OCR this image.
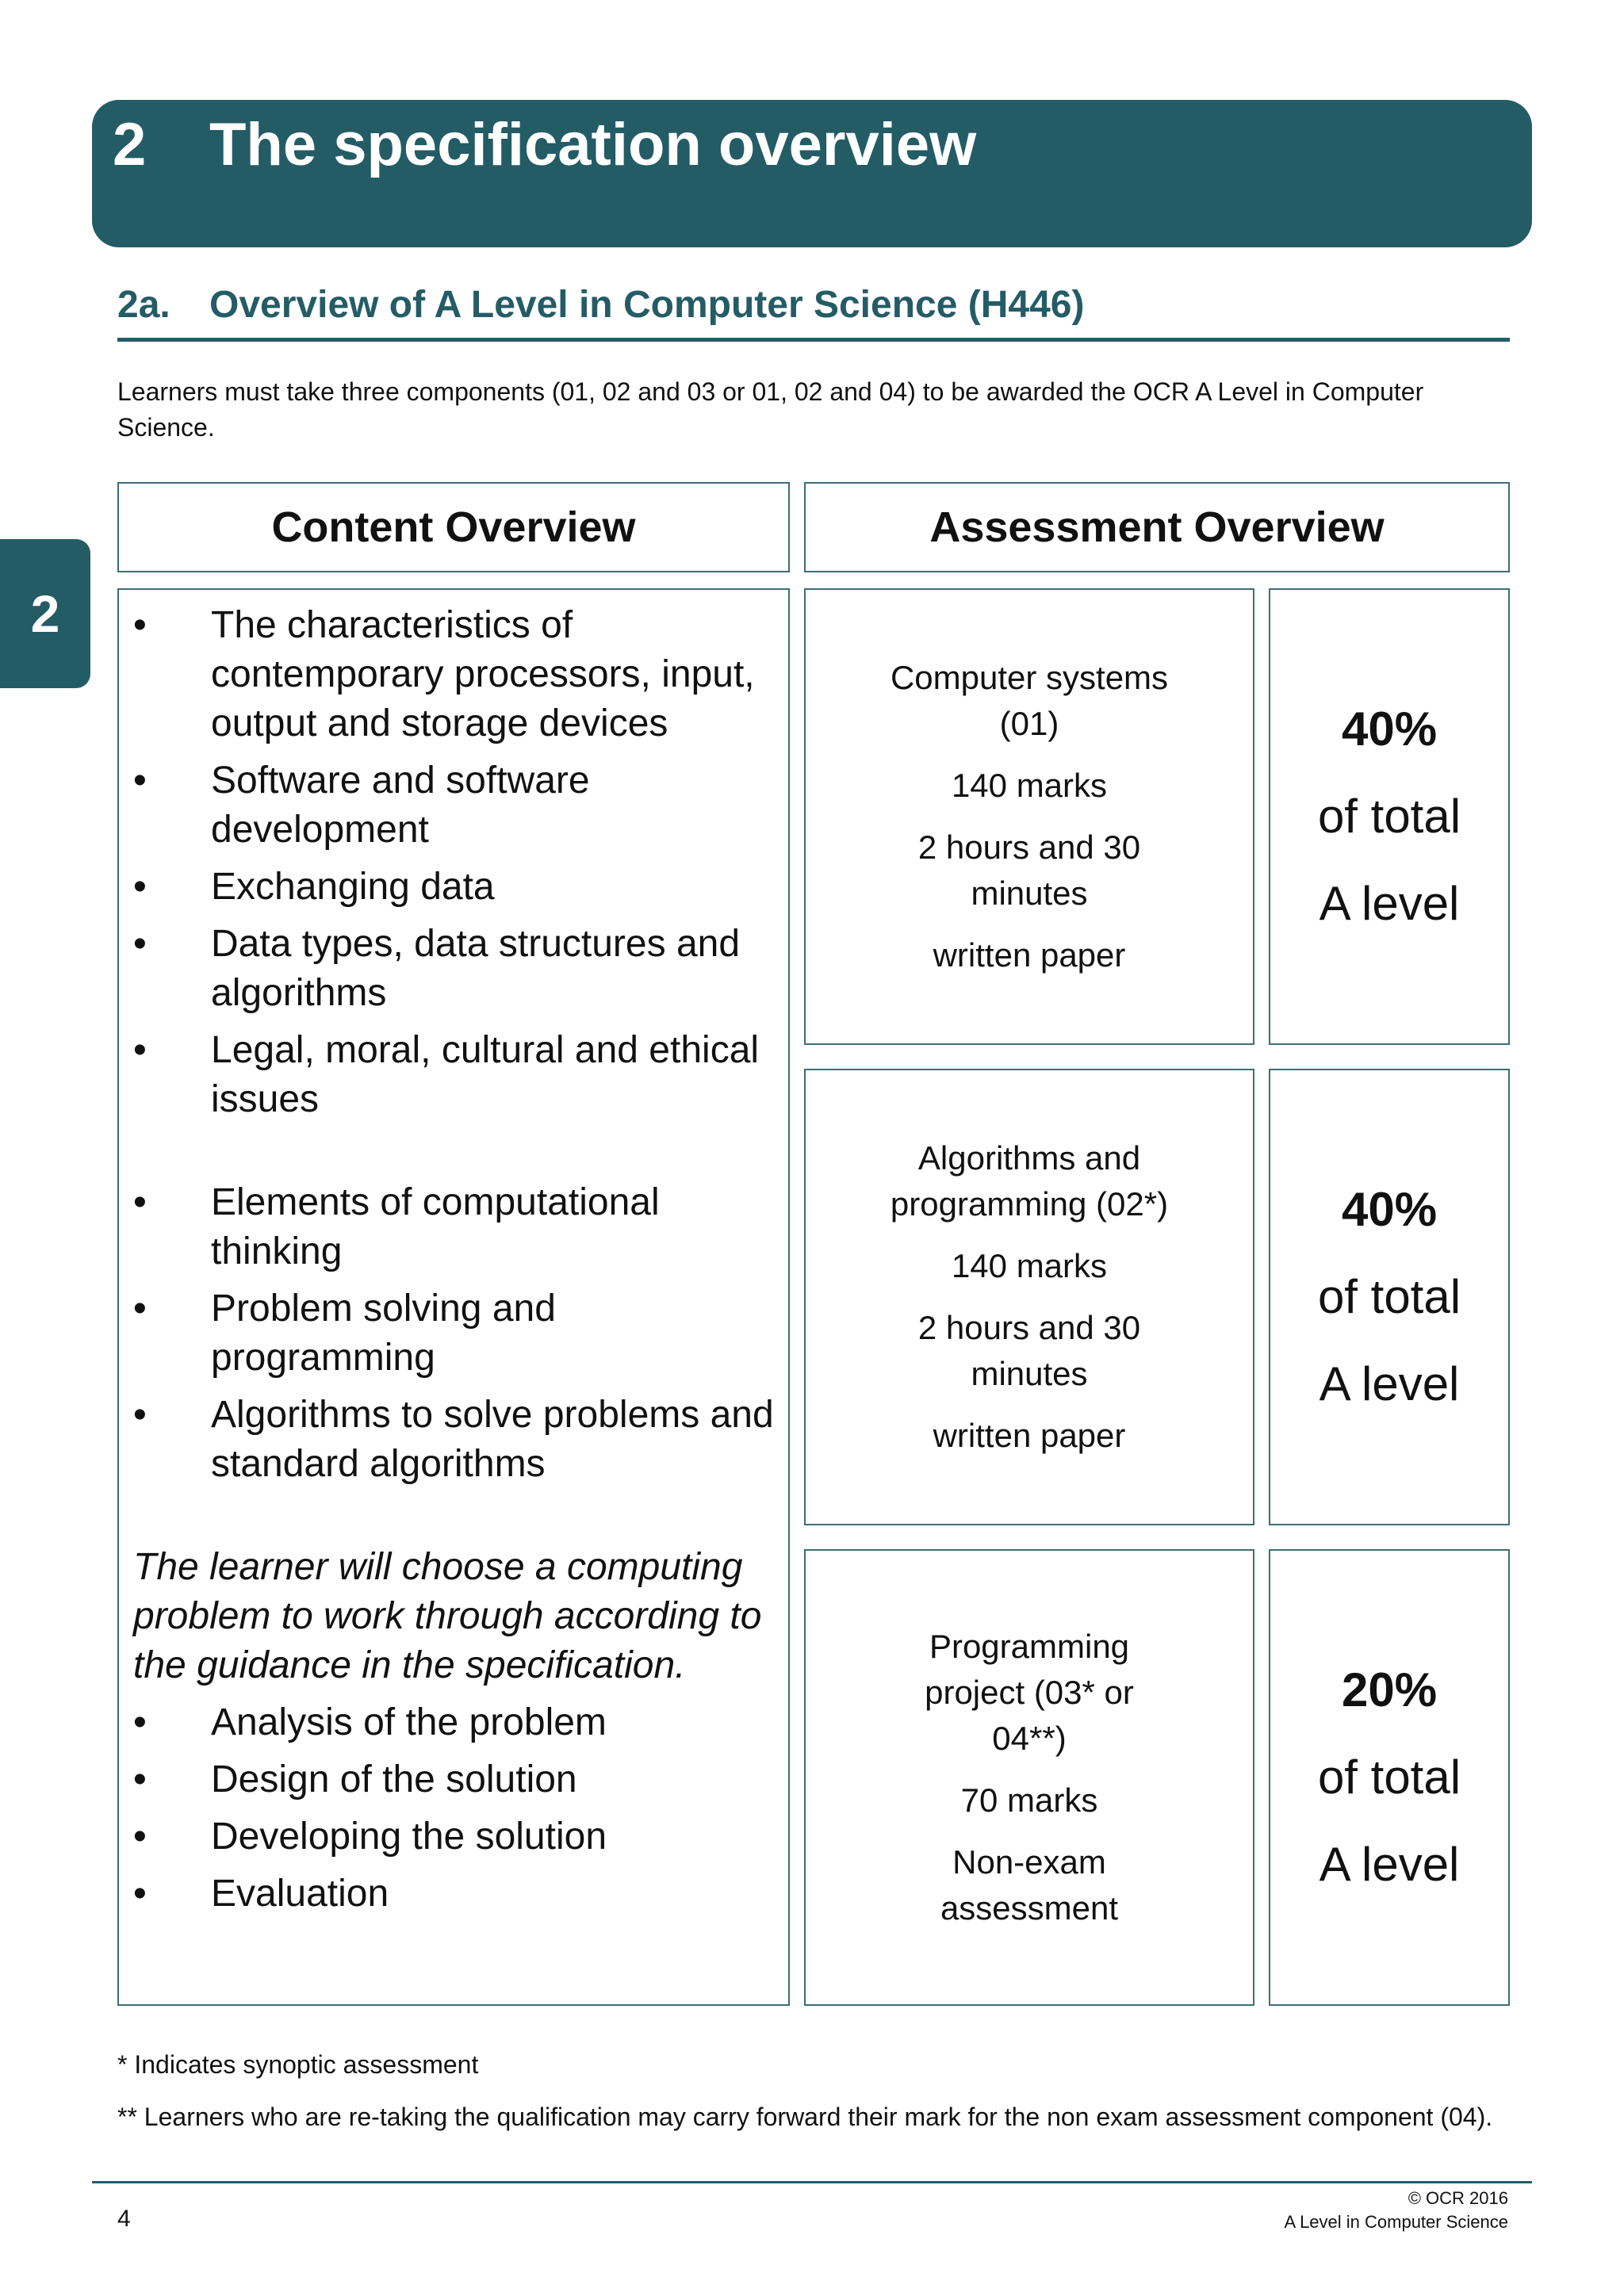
2 The specification overview
2
2a. Overview of A Level in Computer Science (H446)
Learners must take three components (01, 02 and 03 or 01, 02 and 04) to be awarded the OCR A Level in Computer Science.
Content Overview	Assessment Overview
• The characteristics of contemporary processors, input, output and storage devices
• Software and software development
• Exchanging data
• Data types, data structures and algorithms
• Legal, moral, cultural and ethical issues
• Elements of computational thinking
• Problem solving and programming
• Algorithms to solve problems and standard algorithms

The learner will choose a computing problem to work through according to the guidance in the specification.

• Analysis of the problem
• Design of the solution
• Developing the solution
• Evaluation
Computer systems (01)
140 marks
2 hours and 30 minutes
written paper
40%
of total
A level
Algorithms and programming (02*)
140 marks
2 hours and 30 minutes
written paper
40%
of total
A level
Programming project (03* or 04**)
70 marks
Non-exam assessment
20%
of total
A level
* Indicates synoptic assessment
** Learners who are re-taking the qualification may carry forward their mark for the non exam assessment component (04).
4
© OCR 2016
A Level in Computer Science
